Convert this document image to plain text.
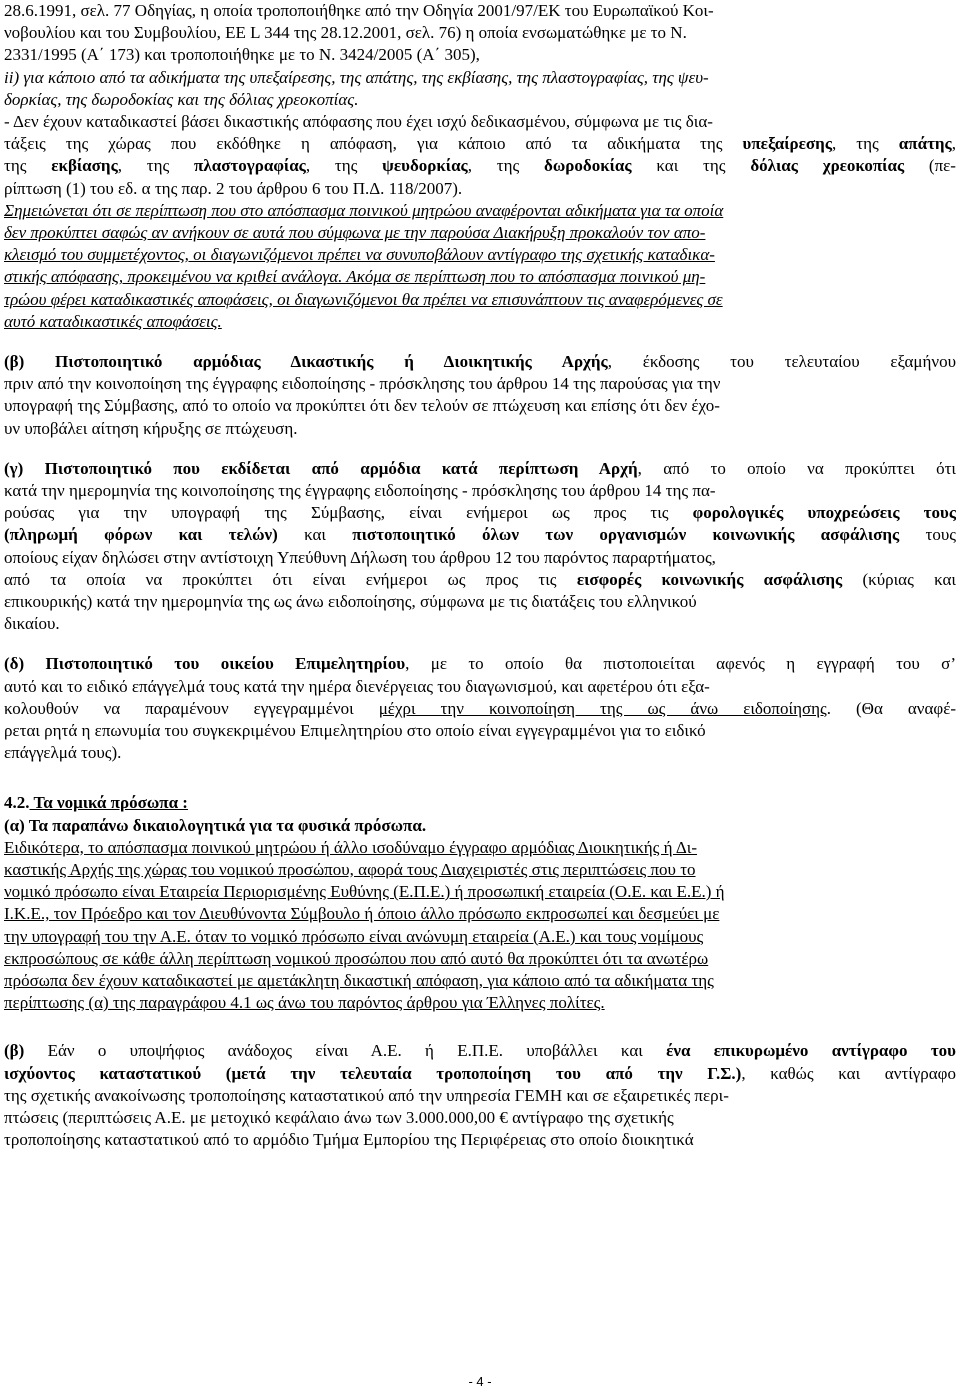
28.6.1991, σελ. 77 Οδηγίας, η οποία τροποποιήθηκε από την Οδηγία 2001/97/ΕΚ του Ευρωπαϊκού Κοι-
νοβουλίου και του Συμβουλίου, ΕΕ L 344 της 28.12.2001, σελ. 76) η οποία ενσωματώθηκε με το Ν.
2331/1995 (Α΄ 173) και τροποποιήθηκε με το Ν. 3424/2005 (Α΄ 305),
ii) για κάποιο από τα αδικήματα της υπεξαίρεσης, της απάτης, της εκβίασης, της πλαστογραφίας, της ψευ-
δορκίας, της δωροδοκίας και της δόλιας χρεοκοπίας.
- Δεν έχουν καταδικαστεί βάσει δικαστικής απόφασης που έχει ισχύ δεδικασμένου, σύμφωνα με τις δια-
τάξεις της χώρας που εκδόθηκε η απόφαση, για κάποιο από τα αδικήματα της υπεξαίρεσης, της απάτης,
της εκβίασης, της πλαστογραφίας, της ψευδορκίας, της δωροδοκίας και της δόλιας χρεοκοπίας (πε-
ρίπτωση (1) του εδ. α της παρ. 2 του άρθρου 6 του Π.Δ. 118/2007).
Σημειώνεται ότι σε περίπτωση που στο απόσπασμα ποινικού μητρώου αναφέρονται αδικήματα για τα οποία
δεν προκύπτει σαφώς αν ανήκουν σε αυτά που σύμφωνα με την παρούσα Διακήρυξη προκαλούν τον απο-
κλεισμό του συμμετέχοντος, οι διαγωνιζόμενοι πρέπει να συνυποβάλουν αντίγραφο της σχετικής καταδικα-
στικής απόφασης, προκειμένου να κριθεί ανάλογα. Ακόμα σε περίπτωση που το απόσπασμα ποινικού μη-
τρώου φέρει καταδικαστικές αποφάσεις, οι διαγωνιζόμενοι θα πρέπει να επισυνάπτουν τις αναφερόμενες σε
αυτό καταδικαστικές αποφάσεις.
(β) Πιστοποιητικό αρμόδιας Δικαστικής ή Διοικητικής Αρχής, έκδοσης του τελευταίου εξαμήνου
πριν από την κοινοποίηση της έγγραφης ειδοποίησης - πρόσκλησης του άρθρου 14 της παρούσας για την
υπογραφή της Σύμβασης, από το οποίο να προκύπτει ότι δεν τελούν σε πτώχευση και επίσης ότι δεν έχο-
υν υποβάλει αίτηση κήρυξης σε πτώχευση.
(γ) Πιστοποιητικό που εκδίδεται από αρμόδια κατά περίπτωση Αρχή, από το οποίο να προκύπτει ότι
κατά την ημερομηνία της κοινοποίησης της έγγραφης ειδοποίησης - πρόσκλησης του άρθρου 14 της πα-
ρούσας για την υπογραφή της Σύμβασης, είναι ενήμεροι ως προς τις φορολογικές υποχρεώσεις τους
(πληρωμή φόρων και τελών) και πιστοποιητικό όλων των οργανισμών κοινωνικής ασφάλισης τους
οποίους είχαν δηλώσει στην αντίστοιχη Υπεύθυνη Δήλωση του άρθρου 12 του παρόντος παραρτήματος,
από τα οποία να προκύπτει ότι είναι ενήμεροι ως προς τις εισφορές κοινωνικής ασφάλισης (κύριας και
επικουρικής) κατά την ημερομηνία της ως άνω ειδοποίησης, σύμφωνα με τις διατάξεις του ελληνικού
δικαίου.
(δ) Πιστοποιητικό του οικείου Επιμελητηρίου, με το οποίο θα πιστοποιείται αφενός η εγγραφή του σ’
αυτό και το ειδικό επάγγελμά τους κατά την ημέρα διενέργειας του διαγωνισμού, και αφετέρου ότι εξα-
κολουθούν να παραμένουν εγγεγραμμένοι μέχρι την κοινοποίηση της ως άνω ειδοποίησης. (Θα αναφέ-
ρεται ρητά η επωνυμία του συγκεκριμένου Επιμελητηρίου στο οποίο είναι εγγεγραμμένοι για το ειδικό
επάγγελμά τους).
4.2. Τα νομικά πρόσωπα :
(α) Τα παραπάνω δικαιολογητικά για τα φυσικά πρόσωπα.
Ειδικότερα, το απόσπασμα ποινικού μητρώου ή άλλο ισοδύναμο έγγραφο αρμόδιας Διοικητικής ή Δι-
καστικής Αρχής της χώρας του νομικού προσώπου, αφορά τους Διαχειριστές στις περιπτώσεις που το
νομικό πρόσωπο είναι Εταιρεία Περιορισμένης Ευθύνης (Ε.Π.Ε.) ή προσωπική εταιρεία (Ο.Ε. και Ε.Ε.) ή
Ι.Κ.Ε., τον Πρόεδρο και τον Διευθύνοντα Σύμβουλο ή όποιο άλλο πρόσωπο εκπροσωπεί και δεσμεύει με
την υπογραφή του την Α.Ε. όταν το νομικό πρόσωπο είναι ανώνυμη εταιρεία (Α.Ε.) και τους νομίμους
εκπροσώπους σε κάθε άλλη περίπτωση νομικού προσώπου που από αυτό θα προκύπτει ότι τα ανωτέρω
πρόσωπα δεν έχουν καταδικαστεί με αμετάκλητη δικαστική απόφαση, για κάποιο από τα αδικήματα της
περίπτωσης (α) της παραγράφου 4.1 ως άνω του παρόντος άρθρου για Έλληνες πολίτες.
(β) Εάν ο υποψήφιος ανάδοχος είναι Α.Ε. ή Ε.Π.Ε. υποβάλλει και ένα επικυρωμένο αντίγραφο του
ισχύοντος καταστατικού (μετά την τελευταία τροποποίηση του από την Γ.Σ.), καθώς και αντίγραφο
της σχετικής ανακοίνωσης τροποποίησης καταστατικού από την υπηρεσία ΓΕΜΗ και σε εξαιρετικές περι-
πτώσεις (περιπτώσεις Α.Ε. με μετοχικό κεφάλαιο άνω των 3.000.000,00 € αντίγραφο της σχετικής
τροποποίησης καταστατικού από το αρμόδιο Τμήμα Εμπορίου της Περιφέρειας στο οποίο διοικητικά
- 4 -
